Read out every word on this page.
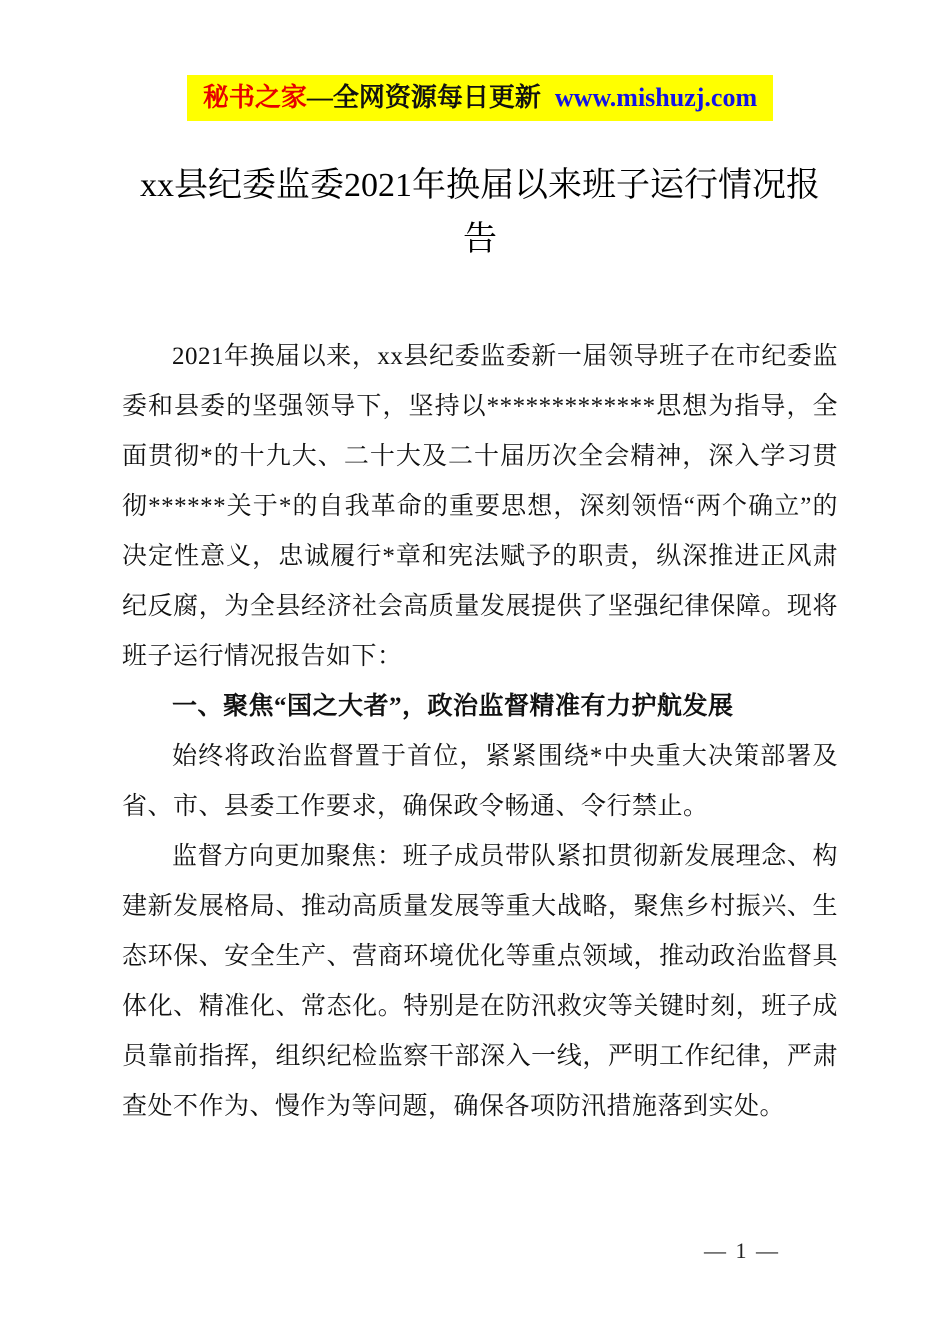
秘书之家—全网资源每日更新 www.mishuzj.com
xx县纪委监委2021年换届以来班子运行情况报告

2021年换届以来，xx县纪委监委新一届领导班子在市纪委监委和县委的坚强领导下，坚持以*************思想为指导，全面贯彻*的十九大、二十大及二十届历次全会精神，深入学习贯彻******关于*的自我革命的重要思想，深刻领悟“两个确立”的决定性意义，忠诚履行*章和宪法赋予的职责，纵深推进正风肃纪反腐，为全县经济社会高质量发展提供了坚强纪律保障。现将班子运行情况报告如下：

一、聚焦“国之大者”，政治监督精准有力护航发展

始终将政治监督置于首位，紧紧围绕*中央重大决策部署及省、市、县委工作要求，确保政令畅通、令行禁止。

监督方向更加聚焦：班子成员带队紧扣贯彻新发展理念、构建新发展格局、推动高质量发展等重大战略，聚焦乡村振兴、生态环保、安全生产、营商环境优化等重点领域，推动政治监督具体化、精准化、常态化。特别是在防汛救灾等关键时刻，班子成员靠前指挥，组织纪检监察干部深入一线，严明工作纪律，严肃查处不作为、慢作为等问题，确保各项防汛措施落到实处。

— 1 —
